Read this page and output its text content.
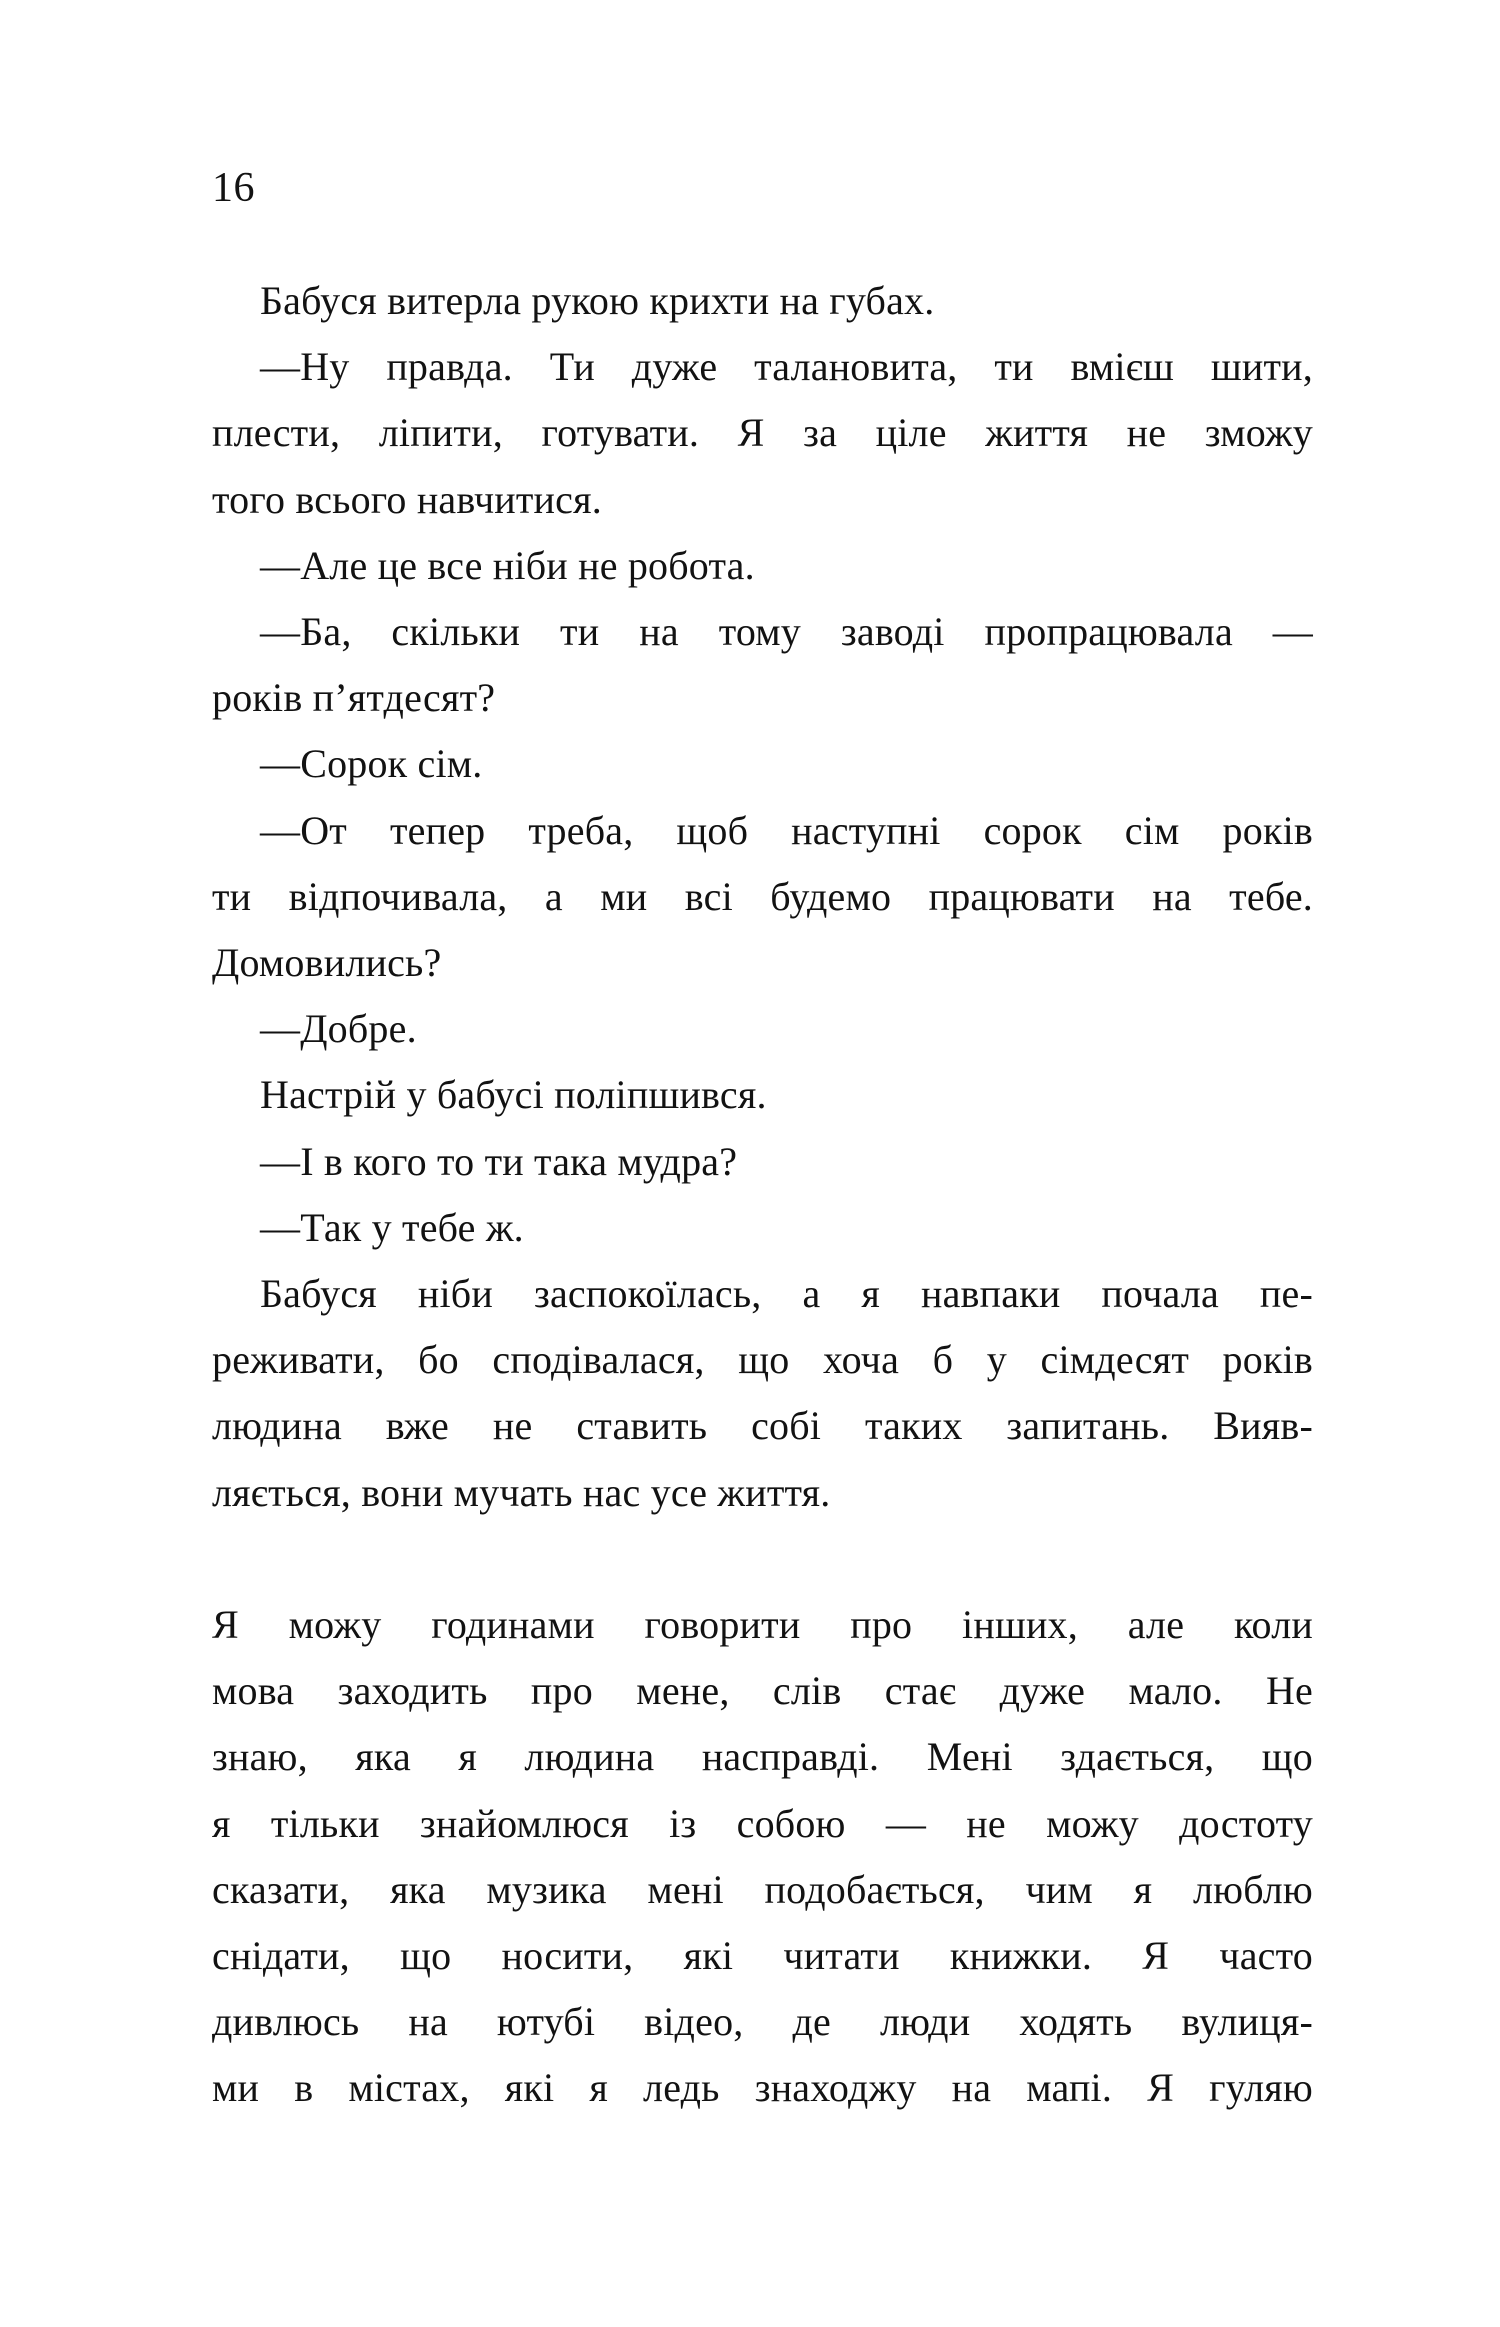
16
Бабуся витерла рукою крихти на губах.
—Ну правда. Ти дуже талановита, ти вмієш шити,
плести, ліпити, готувати. Я за ціле життя не зможу
того всього навчитися.
—Але це все ніби не робота.
—Ба, скільки ти на тому заводі пропрацювала —
років п’ятдесят?
—Сорок сім.
—От тепер треба, щоб наступні сорок сім років
ти відпочивала, а ми всі будемо працювати на тебе.
Домовились?
—Добре.
Настрій у бабусі поліпшився.
—І в кого то ти така мудра?
—Так у тебе ж.
Бабуся ніби заспокоїлась, а я навпаки почала пе-
реживати, бо сподівалася, що хоча б у сімдесят років
людина вже не ставить собі таких запитань. Вияв-
ляється, вони мучать нас усе життя.
Я можу годинами говорити про інших, але коли
мова заходить про мене, слів стає дуже мало. Не
знаю, яка я людина насправді. Мені здається, що
я тільки знайомлюся із собою — не можу достоту
сказати, яка музика мені подобається, чим я люблю
снідати, що носити, які читати книжки. Я часто
дивлюсь на ютубі відео, де люди ходять вулиця-
ми в містах, які я ледь знаходжу на мапі. Я гуляю
